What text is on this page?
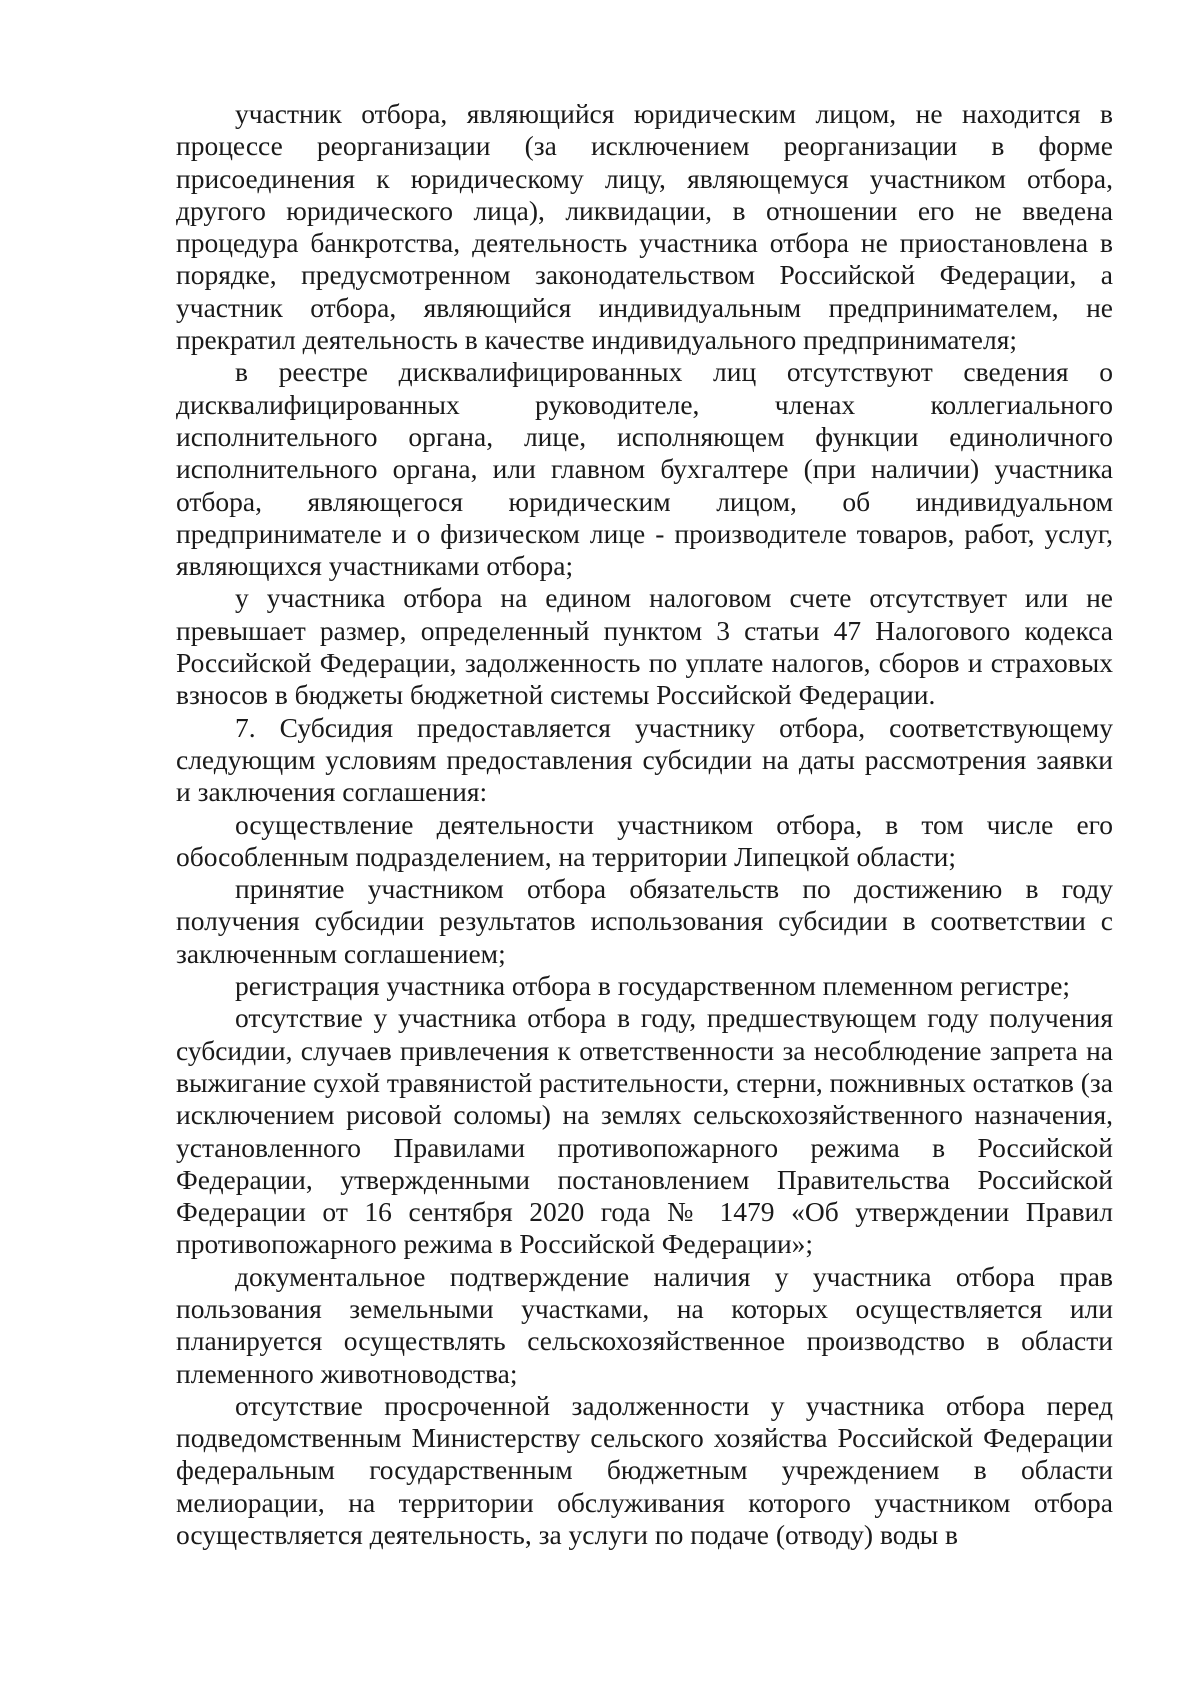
участник отбора, являющийся юридическим лицом, не находится в процессе реорганизации (за исключением реорганизации в форме присоединения к юридическому лицу, являющемуся участником отбора, другого юридического лица), ликвидации, в отношении его не введена процедура банкротства, деятельность участника отбора не приостановлена в порядке, предусмотренном законодательством Российской Федерации, а участник отбора, являющийся индивидуальным предпринимателем, не прекратил деятельность в качестве индивидуального предпринимателя;

в реестре дисквалифицированных лиц отсутствуют сведения о дисквалифицированных руководителе, членах коллегиального исполнительного органа, лице, исполняющем функции единоличного исполнительного органа, или главном бухгалтере (при наличии) участника отбора, являющегося юридическим лицом, об индивидуальном предпринимателе и о физическом лице - производителе товаров, работ, услуг, являющихся участниками отбора;

у участника отбора на едином налоговом счете отсутствует или не превышает размер, определенный пунктом 3 статьи 47 Налогового кодекса Российской Федерации, задолженность по уплате налогов, сборов и страховых взносов в бюджеты бюджетной системы Российской Федерации.

7. Субсидия предоставляется участнику отбора, соответствующему следующим условиям предоставления субсидии на даты рассмотрения заявки и заключения соглашения:

осуществление деятельности участником отбора, в том числе его обособленным подразделением, на территории Липецкой области;

принятие участником отбора обязательств по достижению в году получения субсидии результатов использования субсидии в соответствии с заключенным соглашением;

регистрация участника отбора в государственном племенном регистре;

отсутствие у участника отбора в году, предшествующем году получения субсидии, случаев привлечения к ответственности за несоблюдение запрета на выжигание сухой травянистой растительности, стерни, пожнивных остатков (за исключением рисовой соломы) на землях сельскохозяйственного назначения, установленного Правилами противопожарного режима в Российской Федерации, утвержденными постановлением Правительства Российской Федерации от 16 сентября 2020 года № 1479 «Об утверждении Правил противопожарного режима в Российской Федерации»;

документальное подтверждение наличия у участника отбора прав пользования земельными участками, на которых осуществляется или планируется осуществлять сельскохозяйственное производство в области племенного животноводства;

отсутствие просроченной задолженности у участника отбора перед подведомственным Министерству сельского хозяйства Российской Федерации федеральным государственным бюджетным учреждением в области мелиорации, на территории обслуживания которого участником отбора осуществляется деятельность, за услуги по подаче (отводу) воды в
